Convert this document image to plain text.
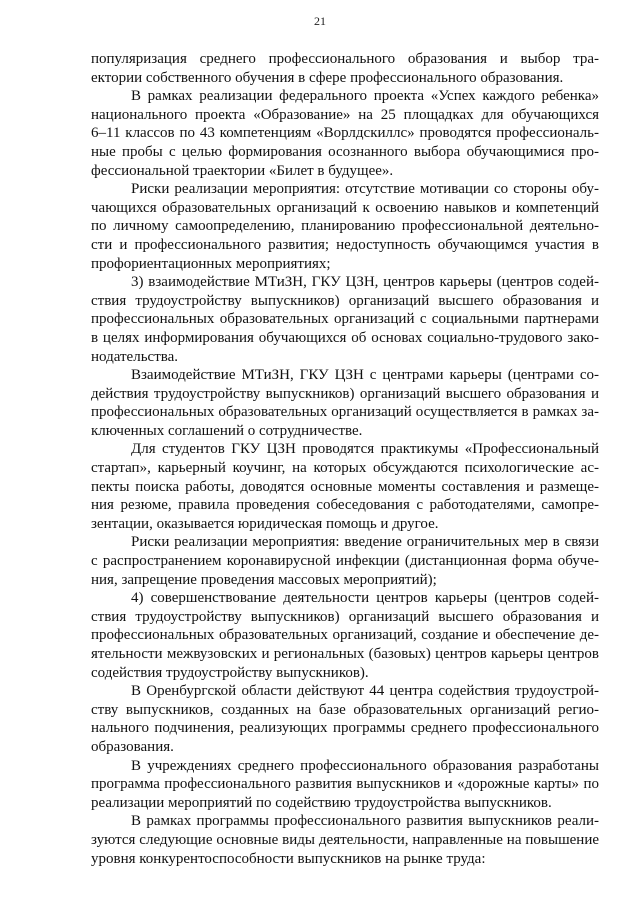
21
популяризация среднего профессионального образования и выбор тра-
ектории собственного обучения в сфере профессионального образования.
В рамках реализации федерального проекта «Успех каждого ребенка»
национального проекта «Образование» на 25 площадках для обучающихся
6–11 классов по 43 компетенциям «Ворлдскиллс» проводятся профессиональ-
ные пробы с целью формирования осознанного выбора обучающимися про-
фессиональной траектории «Билет в будущее».
Риски реализации мероприятия: отсутствие мотивации со стороны обу-
чающихся образовательных организаций к освоению навыков и компетенций
по личному самоопределению, планированию профессиональной деятельно-
сти и профессионального развития; недоступность обучающимся участия в
профориентационных мероприятиях;
3) взаимодействие МТиЗН, ГКУ ЦЗН, центров карьеры (центров содей-
ствия трудоустройству выпускников) организаций высшего образования и
профессиональных образовательных организаций с социальными партнерами
в целях информирования обучающихся об основах социально-трудового зако-
нодательства.
Взаимодействие МТиЗН, ГКУ ЦЗН с центрами карьеры (центрами со-
действия трудоустройству выпускников) организаций высшего образования и
профессиональных образовательных организаций осуществляется в рамках за-
ключенных соглашений о сотрудничестве.
Для студентов ГКУ ЦЗН проводятся практикумы «Профессиональный
стартап», карьерный коучинг, на которых обсуждаются психологические ас-
пекты поиска работы, доводятся основные моменты составления и размеще-
ния резюме, правила проведения собеседования с работодателями, самопре-
зентации, оказывается юридическая помощь и другое.
Риски реализации мероприятия: введение ограничительных мер в связи
с распространением коронавирусной инфекции (дистанционная форма обуче-
ния, запрещение проведения массовых мероприятий);
4) совершенствование деятельности центров карьеры (центров содей-
ствия трудоустройству выпускников) организаций высшего образования и
профессиональных образовательных организаций, создание и обеспечение де-
ятельности межвузовских и региональных (базовых) центров карьеры центров
содействия трудоустройству выпускников).
В Оренбургской области действуют 44 центра содействия трудоустрой-
ству выпускников, созданных на базе образовательных организаций регио-
нального подчинения, реализующих программы среднего профессионального
образования.
В учреждениях среднего профессионального образования разработаны
программа профессионального развития выпускников и «дорожные карты» по
реализации мероприятий по содействию трудоустройства выпускников.
В рамках программы профессионального развития выпускников реали-
зуются следующие основные виды деятельности, направленные на повышение
уровня конкурентоспособности выпускников на рынке труда:
